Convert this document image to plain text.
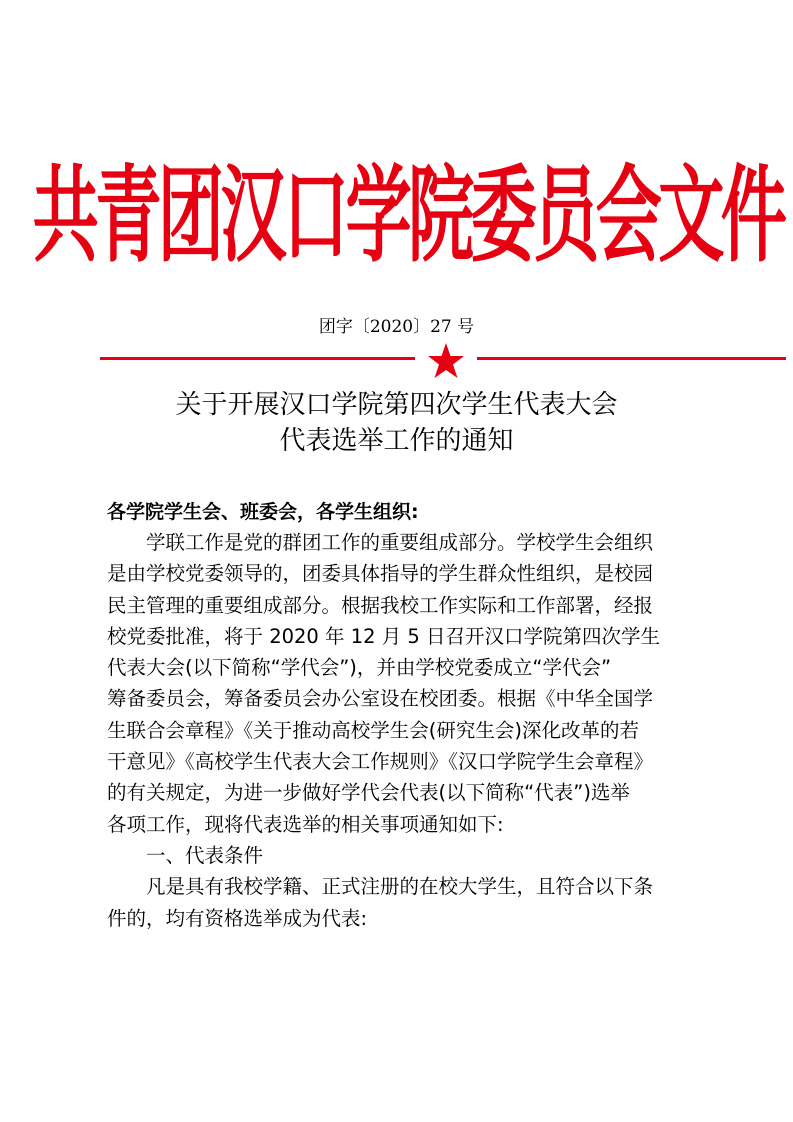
共青团汉口学院委员会文件
团字〔2020〕27 号
关于开展汉口学院第四次学生代表大会
代表选举工作的通知
各学院学生会、班委会，各学生组织:
学联工作是党的群团工作的重要组成部分。学校学生会组织
是由学校党委领导的，团委具体指导的学生群众性组织，是校园
民主管理的重要组成部分。根据我校工作实际和工作部署，经报
校党委批准，将于 2020 年 12 月 5 日召开汉口学院第四次学生
代表大会(以下简称“学代会”)，并由学校党委成立“学代会”
筹备委员会，筹备委员会办公室设在校团委。根据《中华全国学
生联合会章程》《关于推动高校学生会(研究生会)深化改革的若
干意见》《高校学生代表大会工作规则》《汉口学院学生会章程》
的有关规定，为进一步做好学代会代表(以下简称“代表”)选举
各项工作，现将代表选举的相关事项通知如下:
一、代表条件
凡是具有我校学籍、正式注册的在校大学生，且符合以下条
件的，均有资格选举成为代表:
